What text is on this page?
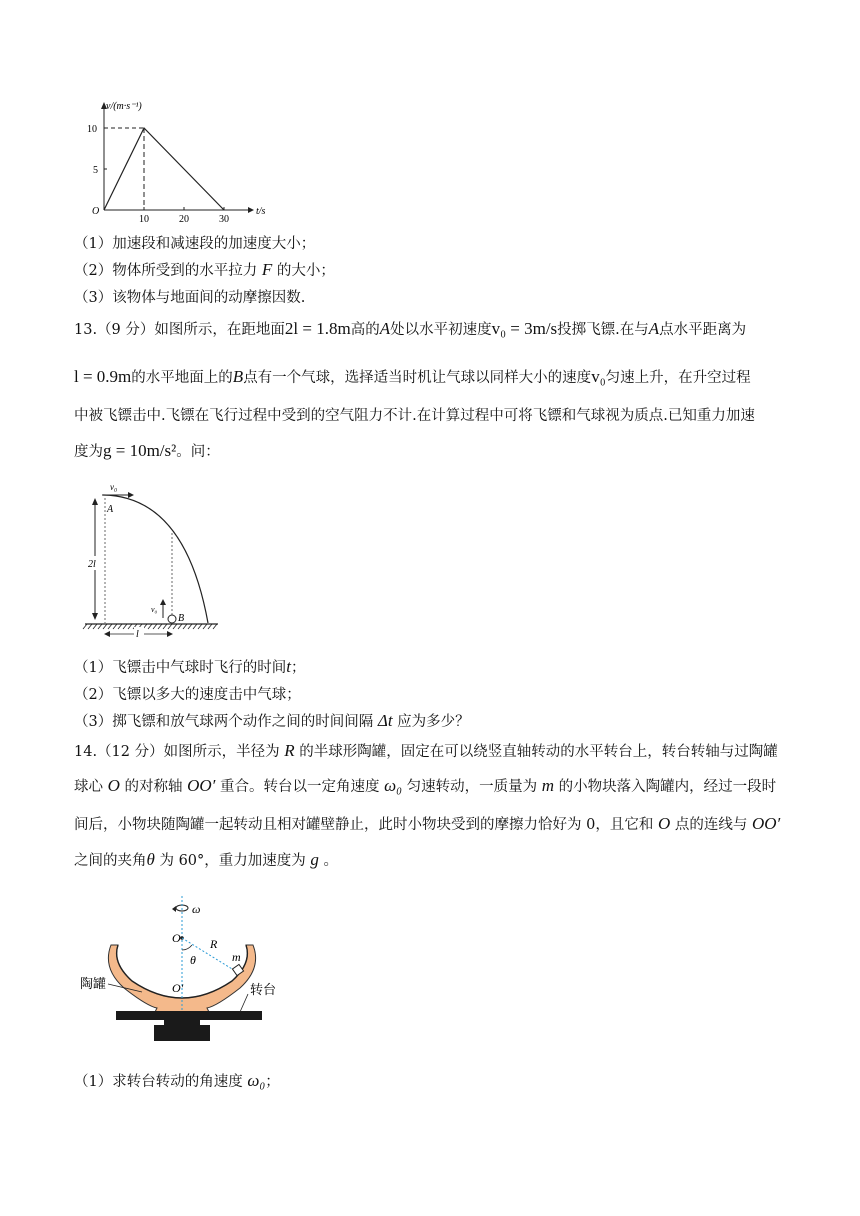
v/(m·s⁻¹)
t/s
O
10	20	30
5
10
（1）加速段和减速段的加速度大小；
（2）物体所受到的水平拉力 F 的大小；
（3）该物体与地面间的动摩擦因数.
13.（9 分）如图所示，在距地面2l = 1.8m高的A处以水平初速度v₀ = 3m/s投掷飞镖.在与A点水平距离为
l = 0.9m的水平地面上的B点有一个气球，选择适当时机让气球以同样大小的速度v₀匀速上升，在升空过程
中被飞镖击中.飞镖在飞行过程中受到的空气阻力不计.在计算过程中可将飞镖和气球视为质点.已知重力加速
度为g = 10m/s²。问：
v₀
A
2l
v₀
B
l
（1）飞镖击中气球时飞行的时间t；
（2）飞镖以多大的速度击中气球；
（3）掷飞镖和放气球两个动作之间的时间间隔 Δt 应为多少？
14.（12 分）如图所示，半径为 R 的半球形陶罐，固定在可以绕竖直轴转动的水平转台上，转台转轴与过陶罐
球心 O 的对称轴 OO′ 重合。转台以一定角速度 ω₀ 匀速转动，一质量为 m 的小物块落入陶罐内，经过一段时
间后，小物块随陶罐一起转动且相对罐壁静止，此时小物块受到的摩擦力恰好为 0，且它和 O 点的连线与 OO′
之间的夹角θ 为 60°，重力加速度为 g 。
ω
O R
θ	m
O′
陶罐	转台
（1）求转台转动的角速度 ω₀；
